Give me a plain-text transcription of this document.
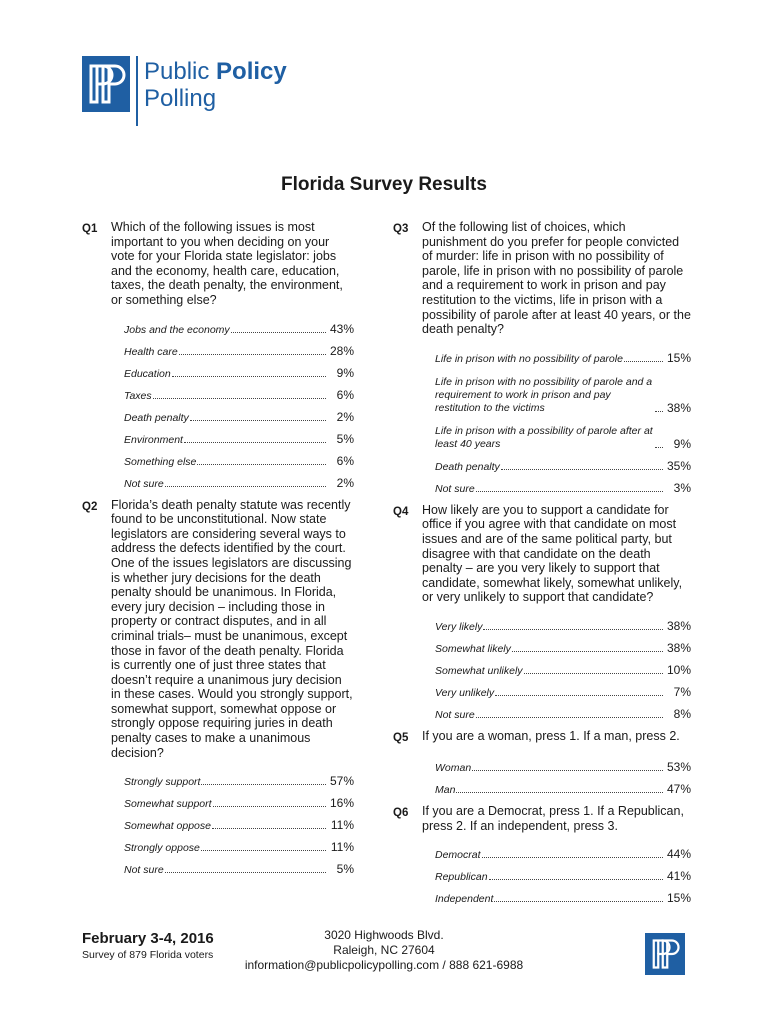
Public Policy
Polling
Florida Survey Results
Q1	Which of the following issues is most important to you when deciding on your vote for your Florida state legislator: jobs and the economy, health care, education, taxes, the death penalty, the environment, or something else?
Jobs and the economy	43%
Health care	28%
Education	9%
Taxes	6%
Death penalty	2%
Environment	5%
Something else	6%
Not sure	2%
Q2	Florida’s death penalty statute was recently found to be unconstitutional. Now state legislators are considering several ways to address the defects identified by the court. One of the issues legislators are discussing is whether jury decisions for the death penalty should be unanimous. In Florida, every jury decision – including those in property or contract disputes, and in all criminal trials– must be unanimous, except those in favor of the death penalty. Florida is currently one of just three states that doesn’t require a unanimous jury decision in these cases. Would you strongly support, somewhat support, somewhat oppose or strongly oppose requiring juries in death penalty cases to make a unanimous decision?
Strongly support	57%
Somewhat support	16%
Somewhat oppose	11%
Strongly oppose	11%
Not sure	5%
Q3	Of the following list of choices, which punishment do you prefer for people convicted of murder: life in prison with no possibility of parole, life in prison with no possibility of parole and a requirement to work in prison and pay restitution to the victims, life in prison with a possibility of parole after at least 40 years, or the death penalty?
Life in prison with no possibility of parole	15%
Life in prison with no possibility of parole and a requirement to work in prison and pay restitution to the victims	38%
Life in prison with a possibility of parole after at least 40 years	9%
Death penalty	35%
Not sure	3%
Q4	How likely are you to support a candidate for office if you agree with that candidate on most issues and are of the same political party, but disagree with that candidate on the death penalty – are you very likely to support that candidate, somewhat likely, somewhat unlikely, or very unlikely to support that candidate?
Very likely	38%
Somewhat likely	38%
Somewhat unlikely	10%
Very unlikely	7%
Not sure	8%
Q5	If you are a woman, press 1. If a man, press 2.
Woman	53%
Man	47%
Q6	If you are a Democrat, press 1. If a Republican, press 2. If an independent, press 3.
Democrat	44%
Republican	41%
Independent	15%
February 3-4, 2016
Survey of 879 Florida voters
3020 Highwoods Blvd.
Raleigh, NC 27604
information@publicpolicypolling.com / 888 621-6988
